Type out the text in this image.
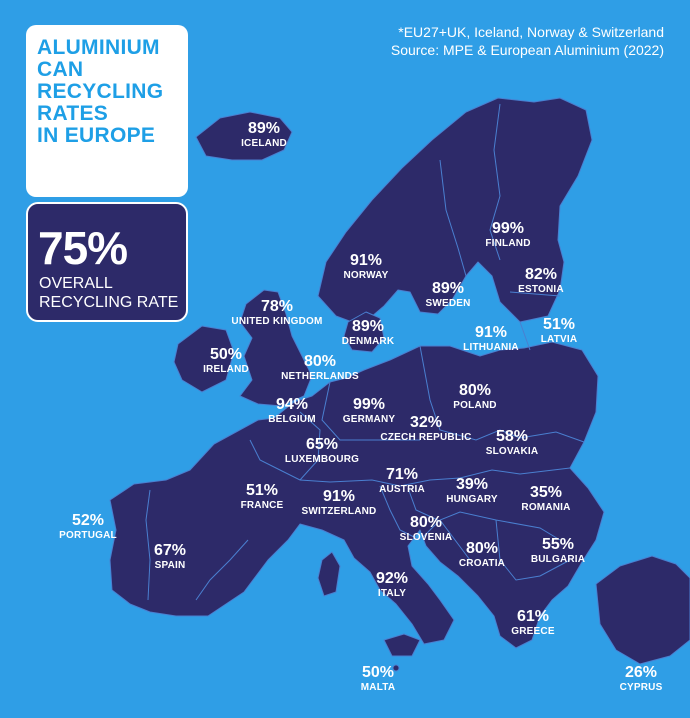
ALUMINIUM
CAN
RECYCLING
RATES
IN EUROPE
75%
OVERALL
RECYCLING RATE
*EU27+UK, Iceland, Norway & Switzerland
Source: MPE & European Aluminium (2022)
89%
ICELAND
91%
NORWAY
99%
FINLAND
89%
SWEDEN
82%
ESTONIA
51%
LATVIA
91%
LITHUANIA
89%
DENMARK
78%
UNITED KINGDOM
50%
IRELAND	80%
NETHERLANDS
80%
POLAND
94%
BELGIUM
99%
GERMANY 32%
CZECH REPUBLIC	58%
SLOVAKIA
65%
LUXEMBOURG
71%
AUSTRIA	39%
HUNGARY	35%
ROMANIA
51%
FRANCE
91%
SWITZERLAND
80%
SLOVENIA
80%
CROATIA
55%
BULGARIA
52%
PORTUGAL
67%
SPAIN
92%
ITALY
61%
GREECE
50%
MALTA
26%
CYPRUS
